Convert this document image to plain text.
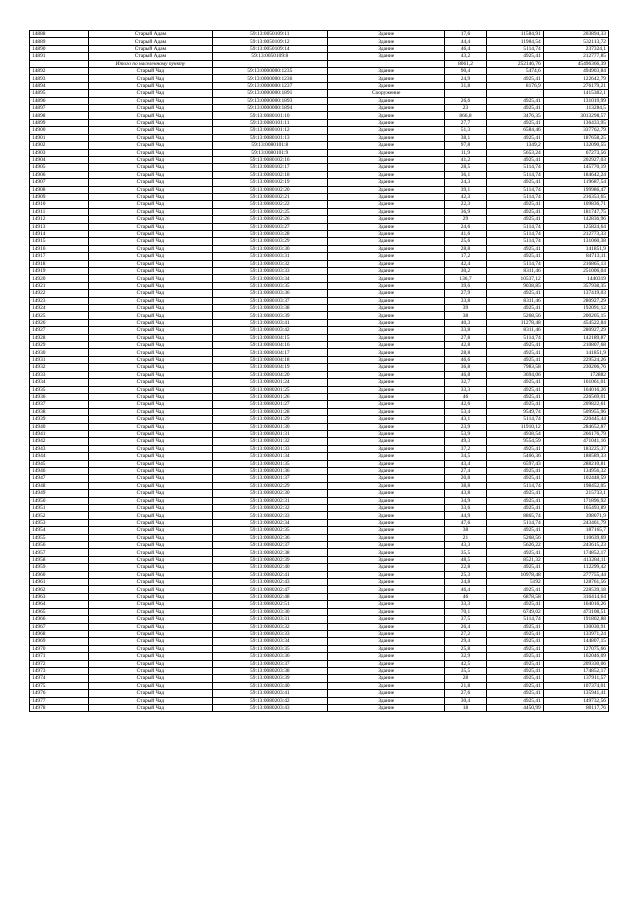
14888	Старый Адам	59:13:0050109:11	Здание	17,6	11584,91	203894,33
14889	Старый Адам	59:13:0050109:12	Здание	44,4	11984,54	532113,72
14890	Старый Адам	59:13:0050109:14	Здание	46,4	5114,74	237324,1
14891	Старый Адам	59:13:0050109:8	Здание	43,2	4925,41	212777,85
	Итого по населенному пункту			8061,2	252146,76	45496366,39
14892	Старый Чад	59:13:0000000:1235	Здание	90,4	5474,6	494903,84
14893	Старый Чад	59:13:0000000:1236	Здание	24,9	4925,41	122642,79
14894	Старый Чад	59:13:0000000:1237	Здание	31,8	8176,9	276179,21
14895	Старый Чад	59:13:0000000:1891	Сооружение			1415382,1
14896	Старый Чад	59:13:0000000:1893	Здание	26,6	4925,41	131019,99
14897	Старый Чад	59:13:0000000:1894	Здание	23	4925,41	113284,5
14898	Старый Чад	59:13:0080101:10	Здание	866,8	3476,35	3013298,57
14899	Старый Чад	59:13:0080101:11	Здание	27,7	4925,41	136433,95
14900	Старый Чад	59:13:0080101:12	Здание	51,3	6584,46	337762,79
14901	Старый Чад	59:13:0080101:13	Здание	38,1	4925,41	187658,25
14902	Старый Чад	59:13:0080101:8	Здание	97,8	1349,2	132090,55
14903	Старый Чад	59:13:0080101:9	Здание	11,9	5653,24	67273,56
14904	Старый Чад	59:13:0080102:16	Здание	41,2	4925,41	202927,03
14905	Старый Чад	59:13:0080102:17	Здание	28,5	5114,74	145770,19
14906	Старый Чад	59:13:0080102:18	Здание	36,1	5114,74	184642,24
14907	Старый Чад	59:13:0080102:19	Здание	24,3	4925,41	119687,54
14908	Старый Чад	59:13:0080102:20	Здание	39,1	5114,74	199986,47
14909	Старый Чад	59:13:0080102:21	Здание	42,3	5114,74	216353,65
14910	Старый Чад	59:13:0080102:22	Здание	22,3	4925,41	109836,71
14911	Старый Чад	59:13:0080102:25	Здание	36,9	4925,41	181747,75
14912	Старый Чад	59:13:0080102:26	Здание	29	4925,41	142836,96
14913	Старый Чад	59:13:0080103:27	Здание	24,6	5114,74	125824,64
14914	Старый Чад	59:13:0080103:28	Здание	41,6	5114,74	212773,33
14915	Старый Чад	59:13:0080103:29	Здание	25,6	5114,74	131060,38
14916	Старый Чад	59:13:0080103:30	Здание	28,8	4925,41	141851,9
14917	Старый Чад	59:13:0080103:31	Здание	17,2	4925,41	84713,11
14918	Старый Чад	59:13:0080103:32	Здание	42,4	5114,74	216865,13
14919	Старый Чад	59:13:0080103:33	Здание	30,2	8311,46	251006,04
14920	Старый Чад	59:13:0080103:34	Здание	136,7	10537,12	1440319
14921	Старый Чад	59:13:0080103:35	Здание	39,6	9038,85	357938,35
14922	Старый Чад	59:13:0080103:36	Здание	27,9	4925,41	137419,03
14923	Старый Чад	59:13:0080103:37	Здание	33,8	8311,46	280927,29
14924	Старый Чад	59:13:0080103:38	Здание	39	4925,41	192091,12
14925	Старый Чад	59:13:0080103:39	Здание	38	5268,56	200205,15
14926	Старый Чад	59:13:0080103:41	Здание	40,3	11278,48	454522,84
14927	Старый Чад	59:13:0080103:42	Здание	33,8	8311,46	280927,29
14928	Старый Чад	59:13:0080104:15	Здание	27,8	5114,74	142189,87
14929	Старый Чад	59:13:0080104:16	Здание	42,8	4925,41	210807,68
14930	Старый Чад	59:13:0080104:17	Здание	28,8	4925,41	141851,9
14931	Старый Чад	59:13:0080104:18	Здание	46,6	4925,41	229524,26
14932	Старый Чад	59:13:0080104:19	Здание	36,8	7983,58	230206,76
14933	Старый Чад	59:13:0080104:20	Здание	46,8	3694,06	172882
14934	Старый Чад	59:13:0080201:24	Здание	32,7	4925,41	161061,01
14935	Старый Чад	59:13:0080201:25	Здание	33,3	4925,41	164016,26
14936	Старый Чад	59:13:0080201:26	Здание	46	4925,41	226569,01
14937	Старый Чад	59:13:0080201:27	Здание	42,6	4925,41	209822,61
14938	Старый Чад	59:13:0080201:28	Здание	53,4	9549,74	509955,96
14939	Старый Чад	59:13:0080201:29	Здание	43,1	5114,74	220445,44
14940	Старый Чад	59:13:0080201:30	Здание	23,9	11910,12	284652,87
14941	Старый Чад	59:13:0080201:31	Здание	53,9	4938,54	266176,79
14942	Старый Чад	59:13:0080201:32	Здание	49,3	9554,59	471041,16
14943	Старый Чад	59:13:0080201:33	Здание	37,2	4925,41	183225,37
14944	Старый Чад	59:13:0080201:34	Здание	34,5	5466,36	188589,33
14945	Старый Чад	59:13:0080201:35	Здание	43,4	6597,43	288210,81
14946	Старый Чад	59:13:0080201:36	Здание	27,4	4925,41	134956,32
14947	Старый Чад	59:13:0080201:37	Здание	20,8	4925,41	102448,59
14948	Старый Чад	59:13:0080202:29	Здание	38,8	5114,74	198452,05
14949	Старый Чад	59:13:0080202:30	Здание	43,8	4925,41	215733,1
14950	Старый Чад	59:13:0080202:31	Здание	34,9	4925,41	171896,92
14951	Старый Чад	59:13:0080202:32	Здание	33,6	4925,41	165493,89
14952	Старый Чад	59:13:0080202:33	Здание	44,9	8865,74	398071,9
14953	Старый Чад	59:13:0080202:34	Здание	47,6	5114,74	243461,79
14954	Старый Чад	59:13:0080202:35	Здание	38	4925,41	187165,7
14955	Старый Чад	59:13:0080202:36	Здание	21	5268,56	110639,69
14956	Старый Чад	59:13:0080202:37	Здание	43,3	5626,22	243615,23
14957	Старый Чад	59:13:0080202:38	Здание	35,5	4925,41	174852,17
14958	Старый Чад	59:13:0080202:39	Здание	48,5	8521,32	413284,11
14959	Старый Чад	59:13:0080202:40	Здание	22,8	4925,41	112299,42
14960	Старый Чад	59:13:0080202:41	Здание	25,3	10978,48	277755,44
14961	Старый Чад	59:13:0080202:43	Здание	24,8	5192	128761,56
14962	Старый Чад	59:13:0080202:47	Здание	46,4	4925,41	228539,18
14963	Старый Чад	59:13:0080202:48	Здание	46	6878,58	316414,64
14964	Старый Чад	59:13:0080202:51	Здание	33,3	4925,41	164016,26
14965	Старый Чад	59:13:0080203:30	Здание	70,1	6749,02	473108,51
14966	Старый Чад	59:13:0080203:31	Здание	37,5	5114,74	191802,88
14967	Старый Чад	59:13:0080203:32	Здание	26,4	4925,41	130030,91
14968	Старый Чад	59:13:0080203:33	Здание	27,2	4925,41	133971,24
14969	Старый Чад	59:13:0080203:34	Здание	29,4	4925,41	144807,15
14970	Старый Чад	59:13:0080203:35	Здание	25,8	4925,41	127075,66
14971	Старый Чад	59:13:0080203:36	Здание	32,9	4925,41	162046,09
14972	Старый Чад	59:13:0080203:37	Здание	42,5	4925,41	209330,06
14973	Старый Чад	59:13:0080203:38	Здание	35,5	4925,41	174852,17
14974	Старый Чад	59:13:0080203:39	Здание	28	4925,41	137911,57
14975	Старый Чад	59:13:0080203:40	Здание	21,8	4925,41	107374,01
14976	Старый Чад	59:13:0080203:41	Здание	27,6	4925,41	135941,41
14977	Старый Чад	59:13:0080203:42	Здание	30,4	4925,41	149732,56
14978	Старый Чад	59:13:0080203:43	Здание	18	4450,99	80117,76
